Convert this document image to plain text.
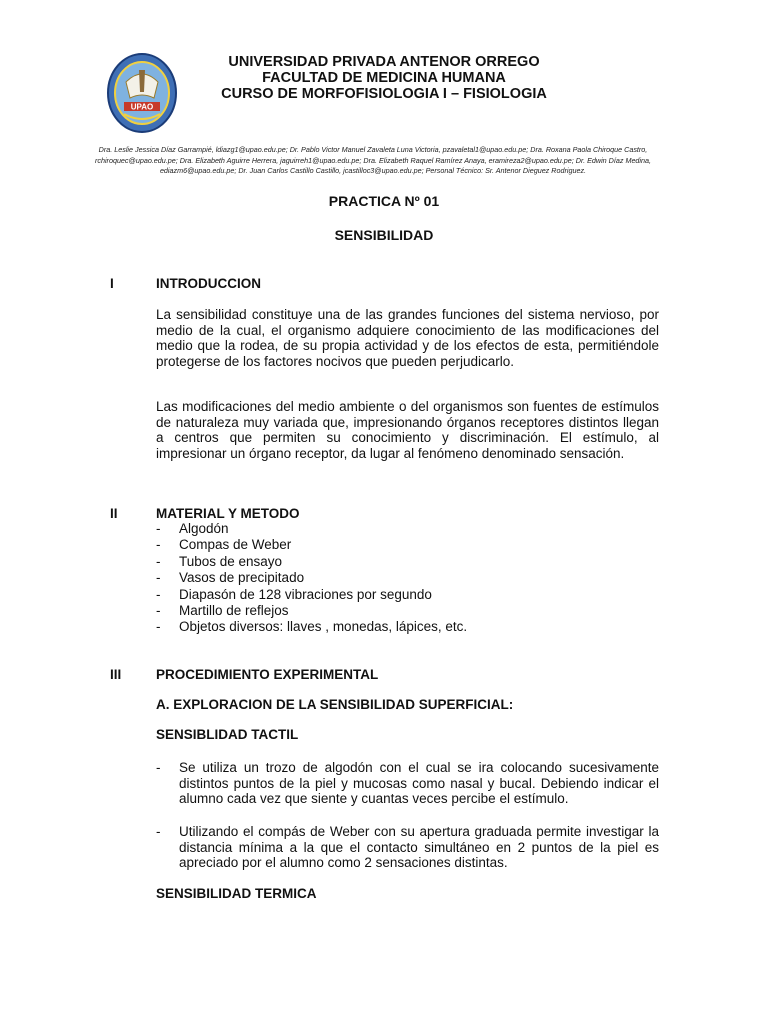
UPAO
UNIVERSIDAD PRIVADA ANTENOR ORREGO
FACULTAD DE MEDICINA HUMANA
CURSO DE MORFOFISIOLOGIA I – FISIOLOGIA
Dra. Leslie Jessica Díaz Garrampié, ldiazg1@upao.edu.pe; Dr. Pablo Victor Manuel Zavaleta Luna Victoria, pzavaletal1@upao.edu.pe; Dra. Roxana Paola Chiroque Castro, rchiroquec@upao.edu.pe; Dra. Elizabeth Aguirre Herrera, jaguirreh1@upao.edu.pe; Dra. Elizabeth Raquel Ramírez Anaya, eramireza2@upao.edu.pe; Dr. Edwin Díaz Medina, ediazm6@upao.edu.pe; Dr. Juan Carlos Castillo Castillo, jcastilloc3@upao.edu.pe; Personal Técnico: Sr. Antenor Dieguez Rodriguez.
PRACTICA Nº 01
SENSIBILIDAD
I	INTRODUCCION
La sensibilidad constituye una de las grandes funciones del sistema nervioso, por medio de la cual, el organismo adquiere conocimiento de las modificaciones del medio que la rodea, de su propia actividad y de los efectos de esta, permitiéndole protegerse de los factores nocivos que pueden perjudicarlo.
Las modificaciones del medio ambiente o del organismos son fuentes de estímulos de naturaleza muy variada que, impresionando órganos receptores distintos llegan a centros que permiten su conocimiento y discriminación. El estímulo, al impresionar un órgano receptor, da lugar al fenómeno denominado sensación.
II	MATERIAL Y METODO
- Algodón
- Compas de Weber
- Tubos de ensayo
- Vasos de precipitado
- Diapasón de 128 vibraciones por segundo
- Martillo de reflejos
- Objetos diversos: llaves , monedas, lápices, etc.
III	PROCEDIMIENTO EXPERIMENTAL
A. EXPLORACION DE LA SENSIBILIDAD SUPERFICIAL:
SENSIBLIDAD TACTIL
- Se utiliza un trozo de algodón con el cual se ira colocando sucesivamente distintos puntos de la piel y mucosas como nasal y bucal. Debiendo indicar el alumno cada vez que siente y cuantas veces percibe el estímulo.
- Utilizando el compás de Weber con su apertura graduada permite investigar la distancia mínima a la que el contacto simultáneo en 2 puntos de la piel es apreciado por el alumno como 2 sensaciones distintas.
SENSIBILIDAD TERMICA
